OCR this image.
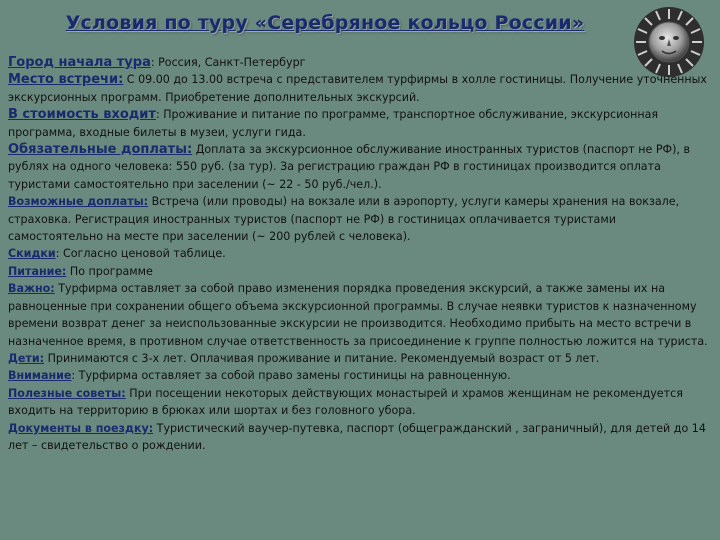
Условия по туру «Серебряное кольцо России»

Город начала тура: Россия, Санкт-Петербург

Место встречи: С 09.00 до 13.00 встреча с представителем турфирмы в холле гостиницы. Получение уточненных экскурсионных программ. Приобретение дополнительных экскурсий.

В стоимость входит: Проживание и питание по программе, транспортное обслуживание, экскурсионная программа, входные билеты в музеи, услуги гида.

Обязательные доплаты: Доплата за экскурсионное обслуживание иностранных туристов (паспорт не РФ), в рублях на одного человека: 550 руб. (за тур). За регистрацию граждан РФ в гостиницах производится оплата туристами самостоятельно при заселении (~ 22 - 50 руб./чел.).

Возможные доплаты: Встреча (или проводы) на вокзале или в аэропорту, услуги камеры хранения на вокзале, страховка. Регистрация иностранных туристов (паспорт не РФ) в гостиницах оплачивается туристами самостоятельно на месте при заселении (~ 200 рублей с человека).

Скидки: Согласно ценовой таблице.

Питание: По программе

Важно: Турфирма оставляет за собой право изменения порядка проведения экскурсий, а также замены их на равноценные при сохранении общего объема экскурсионной программы. В случае неявки туристов к назначенному времени возврат денег за неиспользованные экскурсии не производится. Необходимо прибыть на место встречи в назначенное время, в противном случае ответственность за присоединение к группе полностью ложится на туриста.

Дети: Принимаются с 3-х лет. Оплачивая проживание и питание. Рекомендуемый возраст от 5 лет.

Внимание: Турфирма оставляет за собой право замены гостиницы на равноценную.

Полезные советы: При посещении некоторых действующих монастырей и храмов женщинам не рекомендуется входить на территорию в брюках или шортах и без головного убора.

Документы в поездку: Туристический ваучер-путевка, паспорт (общегражданский , заграничный), для детей до 14 лет – свидетельство о рождении.
